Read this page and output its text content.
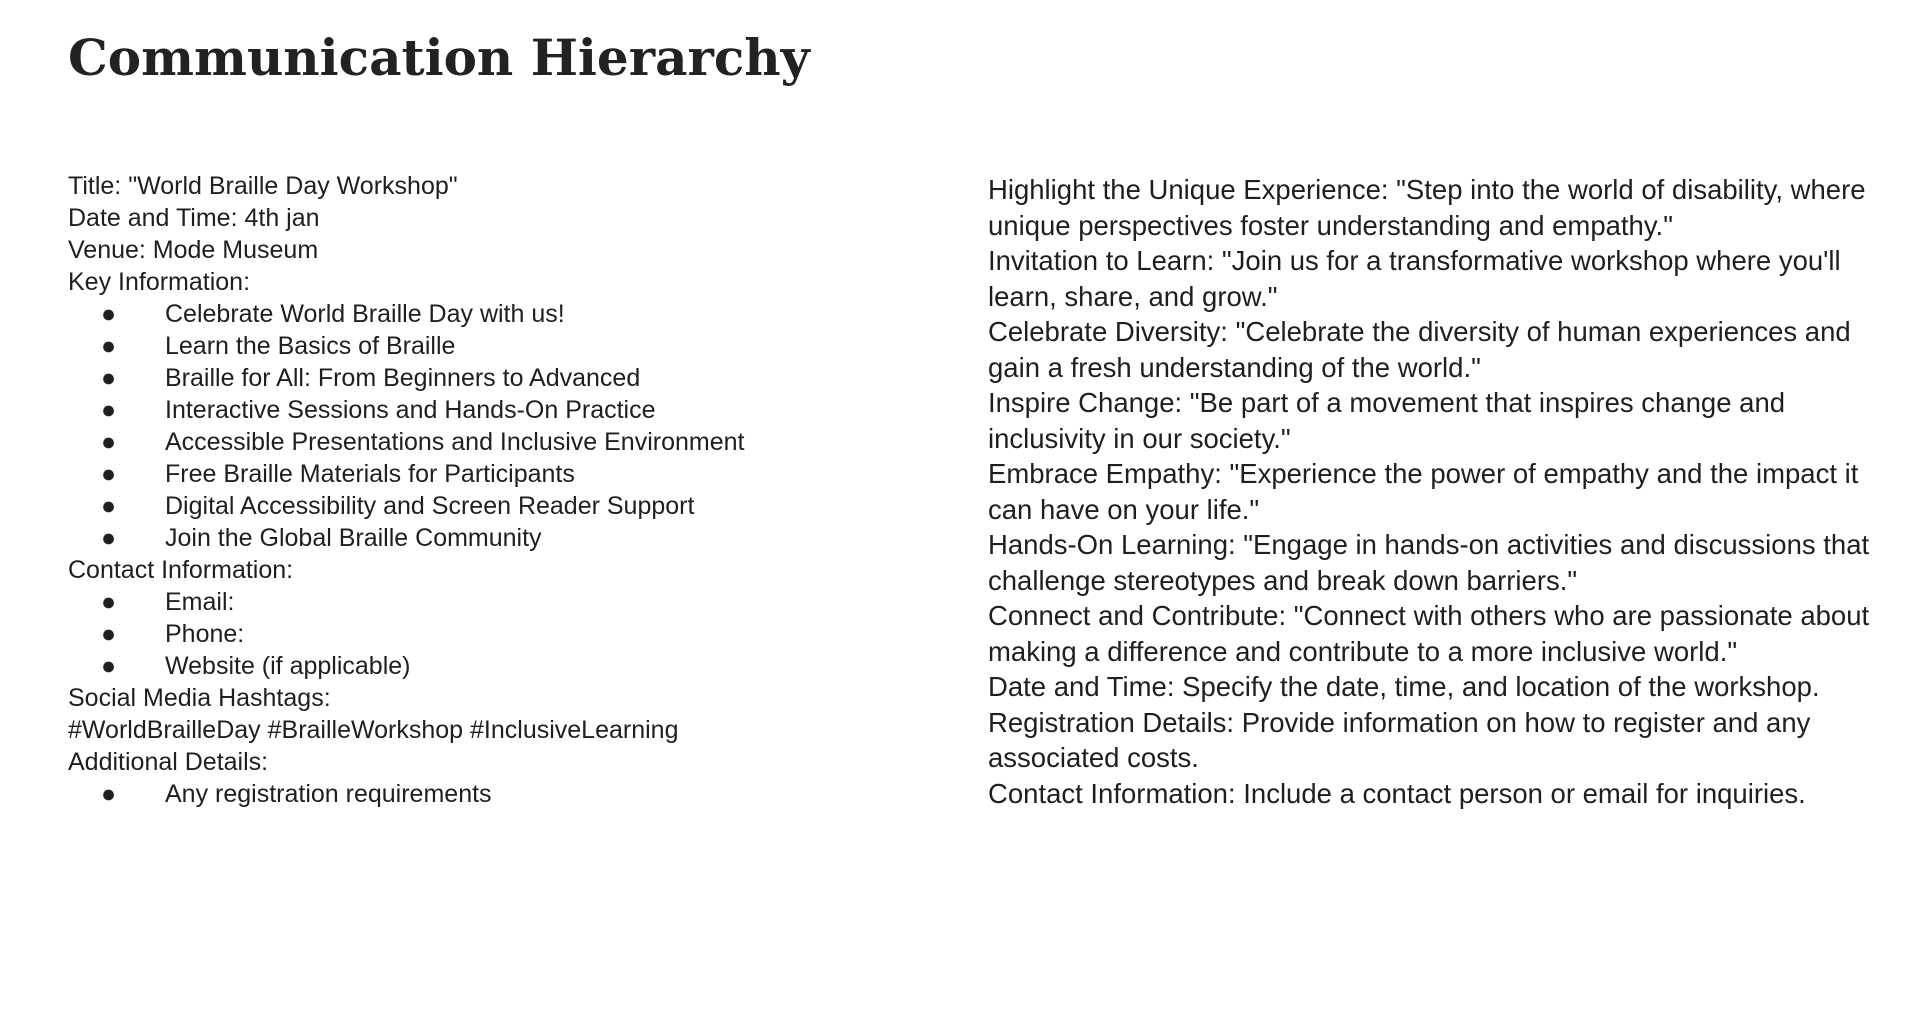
Communication Hierarchy

Title: "World Braille Day Workshop"

Date and Time: 4th jan

Venue: Mode Museum

Key Information:

● Celebrate World Braille Day with us!
● Learn the Basics of Braille
● Braille for All: From Beginners to Advanced
● Interactive Sessions and Hands-On Practice
● Accessible Presentations and Inclusive Environment
● Free Braille Materials for Participants
● Digital Accessibility and Screen Reader Support
● Join the Global Braille Community

Contact Information:

● Email:
● Phone:
● Website (if applicable)

Social Media Hashtags:

#WorldBrailleDay #BrailleWorkshop #InclusiveLearning

Additional Details:

● Any registration requirements

Highlight the Unique Experience: "Step into the world of disability, where unique perspectives foster understanding and empathy."

Invitation to Learn: "Join us for a transformative workshop where you'll learn, share, and grow."

Celebrate Diversity: "Celebrate the diversity of human experiences and gain a fresh understanding of the world."

Inspire Change: "Be part of a movement that inspires change and inclusivity in our society."

Embrace Empathy: "Experience the power of empathy and the impact it can have on your life."

Hands-On Learning: "Engage in hands-on activities and discussions that challenge stereotypes and break down barriers."

Connect and Contribute: "Connect with others who are passionate about making a difference and contribute to a more inclusive world."

Date and Time: Specify the date, time, and location of the workshop.

Registration Details: Provide information on how to register and any associated costs.

Contact Information: Include a contact person or email for inquiries.
